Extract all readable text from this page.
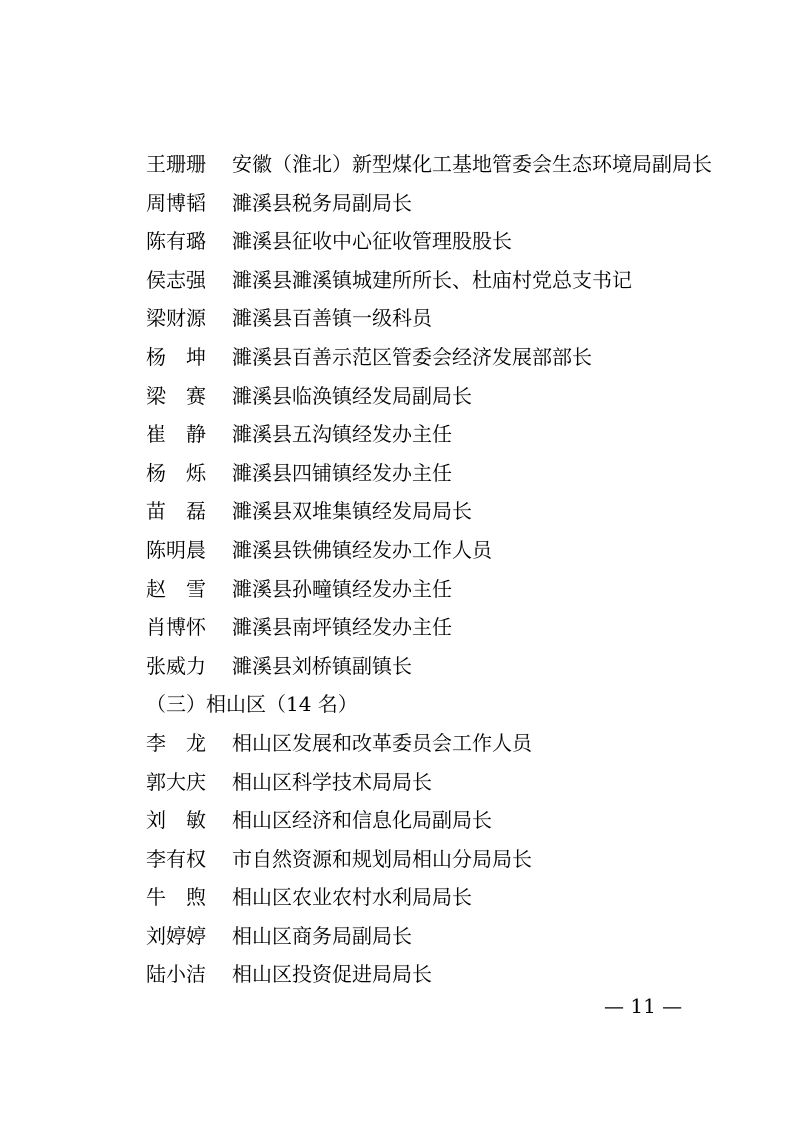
王珊珊	安徽（淮北）新型煤化工基地管委会生态环境局副局长
周博韬	濉溪县税务局副局长
陈有璐	濉溪县征收中心征收管理股股长
侯志强	濉溪县濉溪镇城建所所长、杜庙村党总支书记
梁财源	濉溪县百善镇一级科员
杨　坤	濉溪县百善示范区管委会经济发展部部长
梁　赛	濉溪县临涣镇经发局副局长
崔　静	濉溪县五沟镇经发办主任
杨　烁	濉溪县四铺镇经发办主任
苗　磊	濉溪县双堆集镇经发局局长
陈明晨	濉溪县铁佛镇经发办工作人员
赵　雪	濉溪县孙疃镇经发办主任
肖博怀	濉溪县南坪镇经发办主任
张威力	濉溪县刘桥镇副镇长
（三）相山区（14 名）
李　龙	相山区发展和改革委员会工作人员
郭大庆	相山区科学技术局局长
刘　敏	相山区经济和信息化局副局长
李有权	市自然资源和规划局相山分局局长
牛　煦	相山区农业农村水利局局长
刘婷婷	相山区商务局副局长
陆小洁	相山区投资促进局局长
— 11 —
